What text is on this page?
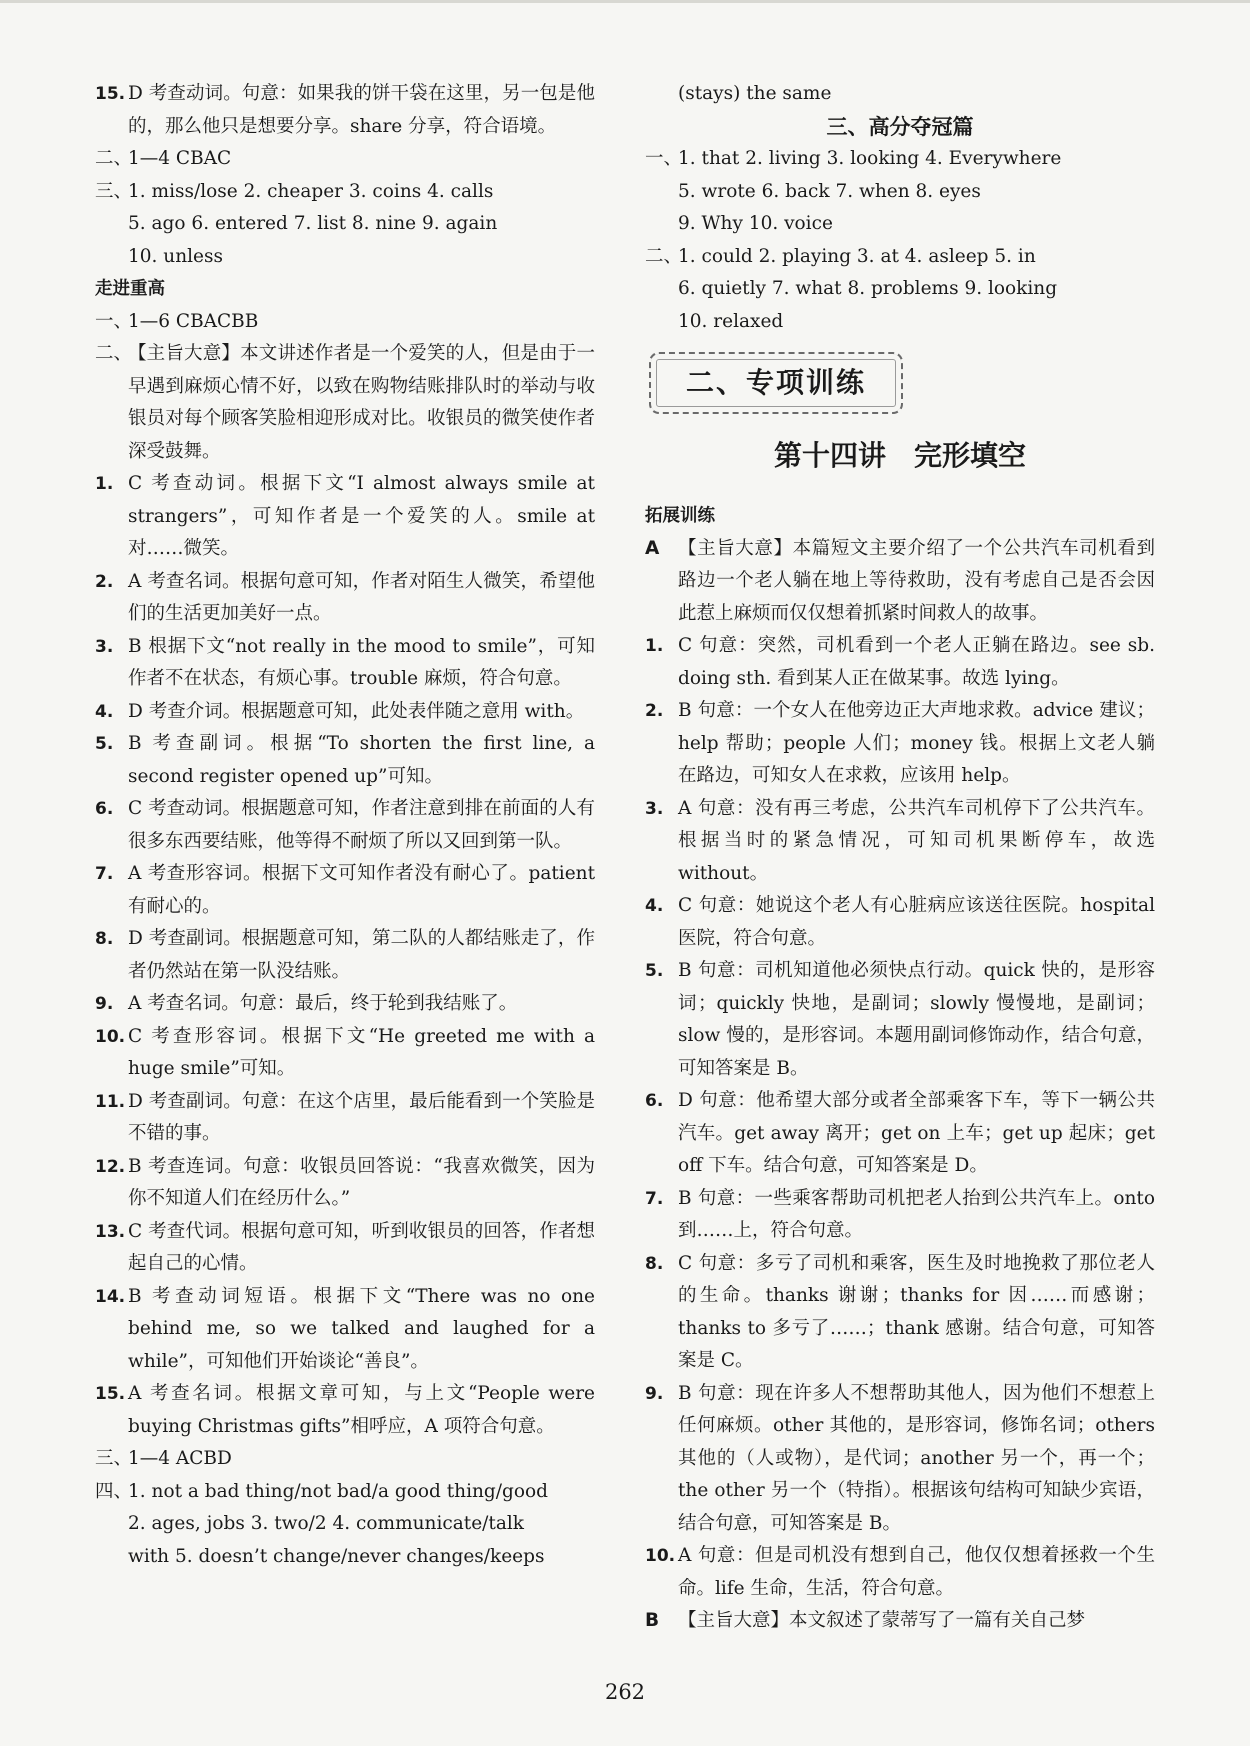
15. D 考查动词。句意：如果我的饼干袋在这里，另一包是他的，那么他只是想要分享。share 分享，符合语境。
二、
1—4 CBAC
三、
1. miss/lose 2. cheaper 3. coins 4. calls
5. ago 6. entered 7. list 8. nine 9. again
10. unless
走进重高
一、
1—6 CBACBB
二、
【主旨大意】本文讲述作者是一个爱笑的人，但是由于一早遇到麻烦心情不好，以致在购物结账排队时的举动与收银员对每个顾客笑脸相迎形成对比。收银员的微笑使作者深受鼓舞。
1. C 考查动词。根据下文“I almost always smile at strangers”，可知作者是一个爱笑的人。smile at 对……微笑。
2. A 考查名词。根据句意可知，作者对陌生人微笑，希望他们的生活更加美好一点。
3. B 根据下文“not really in the mood to smile”，可知作者不在状态，有烦心事。trouble 麻烦，符合句意。
4. D 考查介词。根据题意可知，此处表伴随之意用 with。
5. B 考查副词。根据“To shorten the first line, a second register opened up”可知。
6. C 考查动词。根据题意可知，作者注意到排在前面的人有很多东西要结账，他等得不耐烦了所以又回到第一队。
7. A 考查形容词。根据下文可知作者没有耐心了。patient 有耐心的。
8. D 考查副词。根据题意可知，第二队的人都结账走了，作者仍然站在第一队没结账。
9. A 考查名词。句意：最后，终于轮到我结账了。
10. C 考查形容词。根据下文“He greeted me with a huge smile”可知。
11. D 考查副词。句意：在这个店里，最后能看到一个笑脸是不错的事。
12. B 考查连词。句意：收银员回答说：“我喜欢微笑，因为你不知道人们在经历什么。”
13. C 考查代词。根据句意可知，听到收银员的回答，作者想起自己的心情。
14. B 考查动词短语。根据下文“There was no one behind me, so we talked and laughed for a while”，可知他们开始谈论“善良”。
15. A 考查名词。根据文章可知，与上文“People were buying Christmas gifts”相呼应，A 项符合句意。
三、
1—4 ACBD
四、
1. not a bad thing/not bad/a good thing/good
2. ages, jobs 3. two/2 4. communicate/talk
with 5. doesn’t change/never changes/keeps
(stays) the same
三、高分夺冠篇
一、
1. that 2. living 3. looking 4. Everywhere
5. wrote 6. back 7. when 8. eyes
9. Why 10. voice
二、
1. could 2. playing 3. at 4. asleep 5. in
6. quietly 7. what 8. problems 9. looking
10. relaxed
二、专项训练
第十四讲　完形填空
拓展训练
A 【主旨大意】本篇短文主要介绍了一个公共汽车司机看到路边一个老人躺在地上等待救助，没有考虑自己是否会因此惹上麻烦而仅仅想着抓紧时间救人的故事。
1. C 句意：突然，司机看到一个老人正躺在路边。see sb. doing sth. 看到某人正在做某事。故选 lying。
2. B 句意：一个女人在他旁边正大声地求救。advice 建议；help 帮助；people 人们；money 钱。根据上文老人躺在路边，可知女人在求救，应该用 help。
3. A 句意：没有再三考虑，公共汽车司机停下了公共汽车。根据当时的紧急情况，可知司机果断停车，故选 without。
4. C 句意：她说这个老人有心脏病应该送往医院。hospital 医院，符合句意。
5. B 句意：司机知道他必须快点行动。quick 快的，是形容词；quickly 快地，是副词；slowly 慢慢地，是副词；slow 慢的，是形容词。本题用副词修饰动作，结合句意，可知答案是 B。
6. D 句意：他希望大部分或者全部乘客下车，等下一辆公共汽车。get away 离开；get on 上车；get up 起床；get off 下车。结合句意，可知答案是 D。
7. B 句意：一些乘客帮助司机把老人抬到公共汽车上。onto 到……上，符合句意。
8. C 句意：多亏了司机和乘客，医生及时地挽救了那位老人的生命。thanks 谢谢；thanks for 因……而感谢；thanks to 多亏了……；thank 感谢。结合句意，可知答案是 C。
9. B 句意：现在许多人不想帮助其他人，因为他们不想惹上任何麻烦。other 其他的，是形容词，修饰名词；others 其他的（人或物），是代词；another 另一个，再一个；the other 另一个（特指）。根据该句结构可知缺少宾语，结合句意，可知答案是 B。
10. A 句意：但是司机没有想到自己，他仅仅想着拯救一个生命。life 生命，生活，符合句意。
B 【主旨大意】本文叙述了蒙蒂写了一篇有关自己梦
262
